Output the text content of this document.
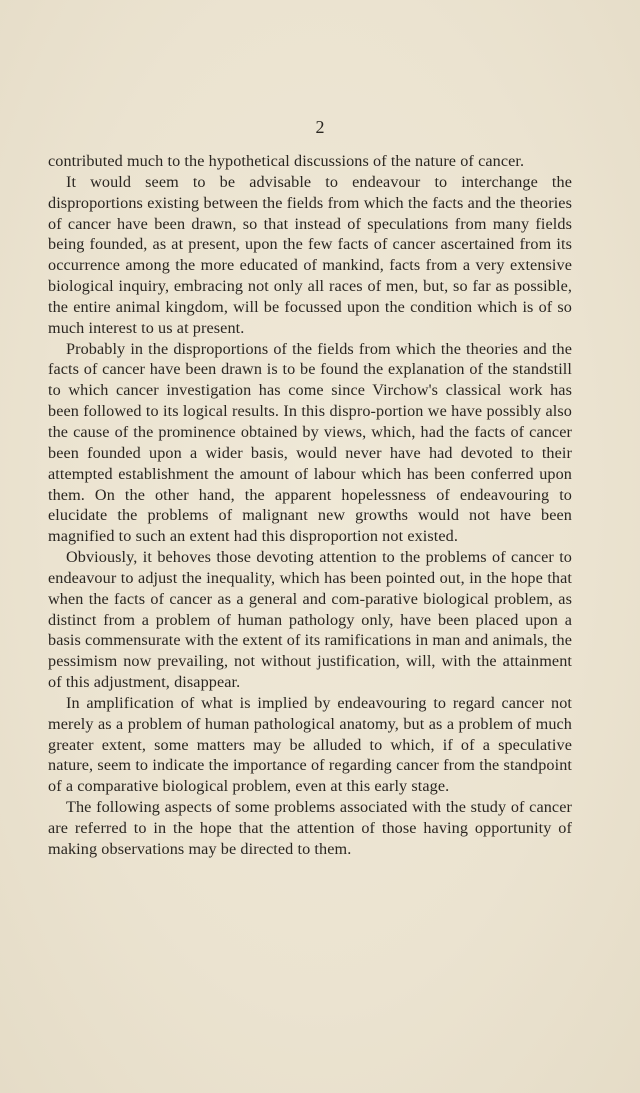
2

contributed much to the hypothetical discussions of the nature of cancer.

It would seem to be advisable to endeavour to interchange the disproportions existing between the fields from which the facts and the theories of cancer have been drawn, so that instead of speculations from many fields being founded, as at present, upon the few facts of cancer ascertained from its occurrence among the more educated of mankind, facts from a very extensive biological inquiry, embracing not only all races of men, but, so far as possible, the entire animal kingdom, will be focussed upon the condition which is of so much interest to us at present.

Probably in the disproportions of the fields from which the theories and the facts of cancer have been drawn is to be found the explanation of the standstill to which cancer investigation has come since Virchow's classical work has been followed to its logical results. In this dispro-portion we have possibly also the cause of the prominence obtained by views, which, had the facts of cancer been founded upon a wider basis, would never have had devoted to their attempted establishment the amount of labour which has been conferred upon them. On the other hand, the apparent hopelessness of endeavouring to elucidate the problems of malignant new growths would not have been magnified to such an extent had this disproportion not existed.

Obviously, it behoves those devoting attention to the problems of cancer to endeavour to adjust the inequality, which has been pointed out, in the hope that when the facts of cancer as a general and com-parative biological problem, as distinct from a problem of human pathology only, have been placed upon a basis commensurate with the extent of its ramifications in man and animals, the pessimism now prevailing, not without justification, will, with the attainment of this adjustment, disappear.

In amplification of what is implied by endeavouring to regard cancer not merely as a problem of human pathological anatomy, but as a problem of much greater extent, some matters may be alluded to which, if of a speculative nature, seem to indicate the importance of regarding cancer from the standpoint of a comparative biological problem, even at this early stage.

The following aspects of some problems associated with the study of cancer are referred to in the hope that the attention of those having opportunity of making observations may be directed to them.
